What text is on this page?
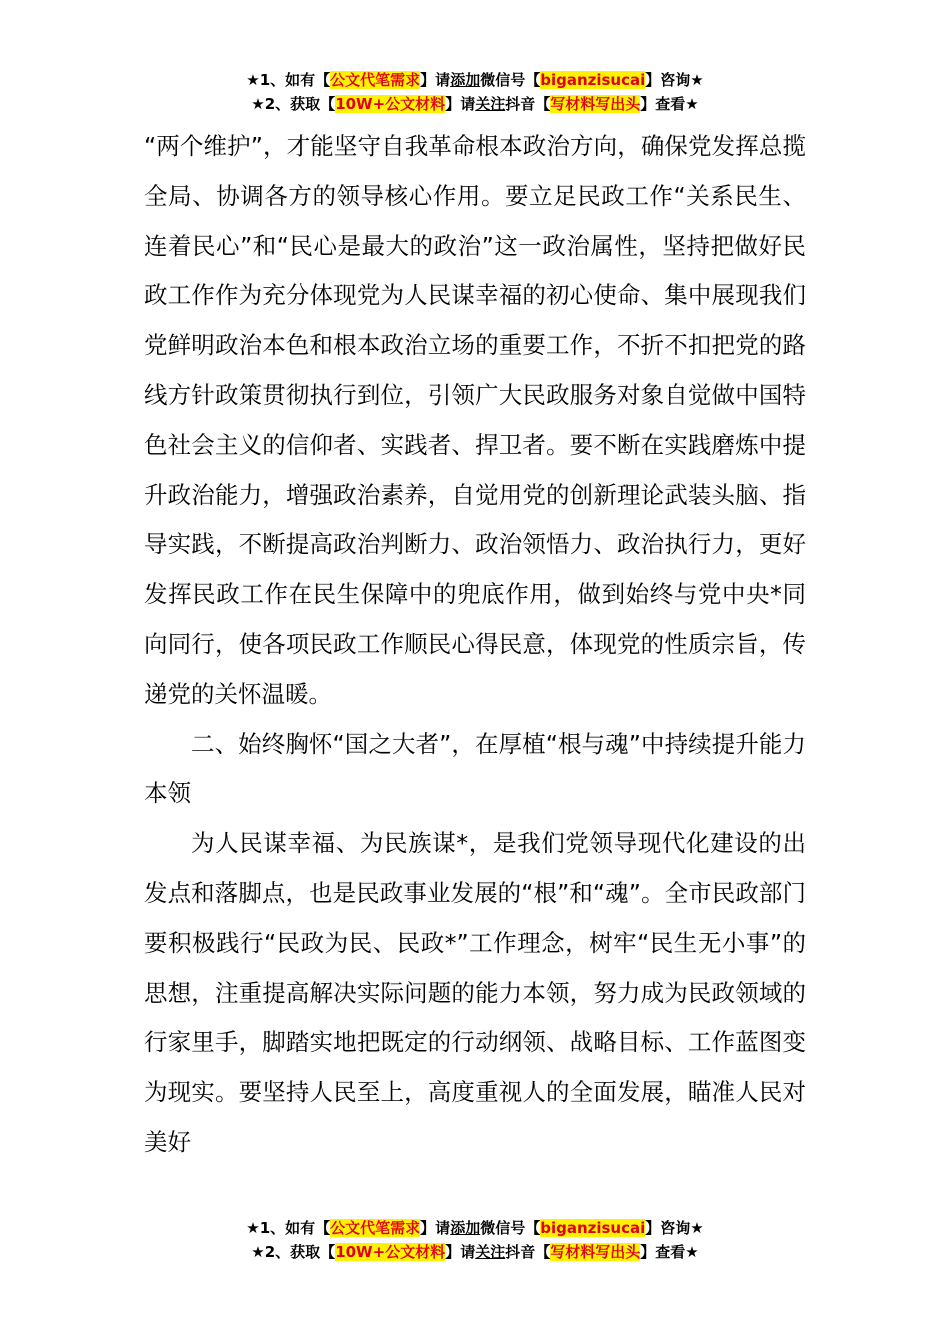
★1、如有【公文代笔需求】请添加微信号【biganzisucai】咨询★
★2、获取【10W+公文材料】请关注抖音【写材料写出头】查看★

“两个维护”，才能坚守自我革命根本政治方向，确保党发挥总揽全局、协调各方的领导核心作用。要立足民政工作“关系民生、连着民心”和“民心是最大的政治”这一政治属性，坚持把做好民政工作作为充分体现党为人民谋幸福的初心使命、集中展现我们党鲜明政治本色和根本政治立场的重要工作，不折不扣把党的路线方针政策贯彻执行到位，引领广大民政服务对象自觉做中国特色社会主义的信仰者、实践者、捍卫者。要不断在实践磨炼中提升政治能力，增强政治素养，自觉用党的创新理论武装头脑、指导实践，不断提高政治判断力、政治领悟力、政治执行力，更好发挥民政工作在民生保障中的兜底作用，做到始终与党中央*同向同行，使各项民政工作顺民心得民意，体现党的性质宗旨，传递党的关怀温暖。

二、始终胸怀“国之大者”，在厚植“根与魂”中持续提升能力本领

为人民谋幸福、为民族谋*，是我们党领导现代化建设的出发点和落脚点，也是民政事业发展的“根”和“魂”。全市民政部门要积极践行“民政为民、民政*”工作理念，树牢“民生无小事”的思想，注重提高解决实际问题的能力本领，努力成为民政领域的行家里手，脚踏实地把既定的行动纲领、战略目标、工作蓝图变为现实。要坚持人民至上，高度重视人的全面发展，瞄准人民对美好

★1、如有【公文代笔需求】请添加微信号【biganzisucai】咨询★
★2、获取【10W+公文材料】请关注抖音【写材料写出头】查看★
